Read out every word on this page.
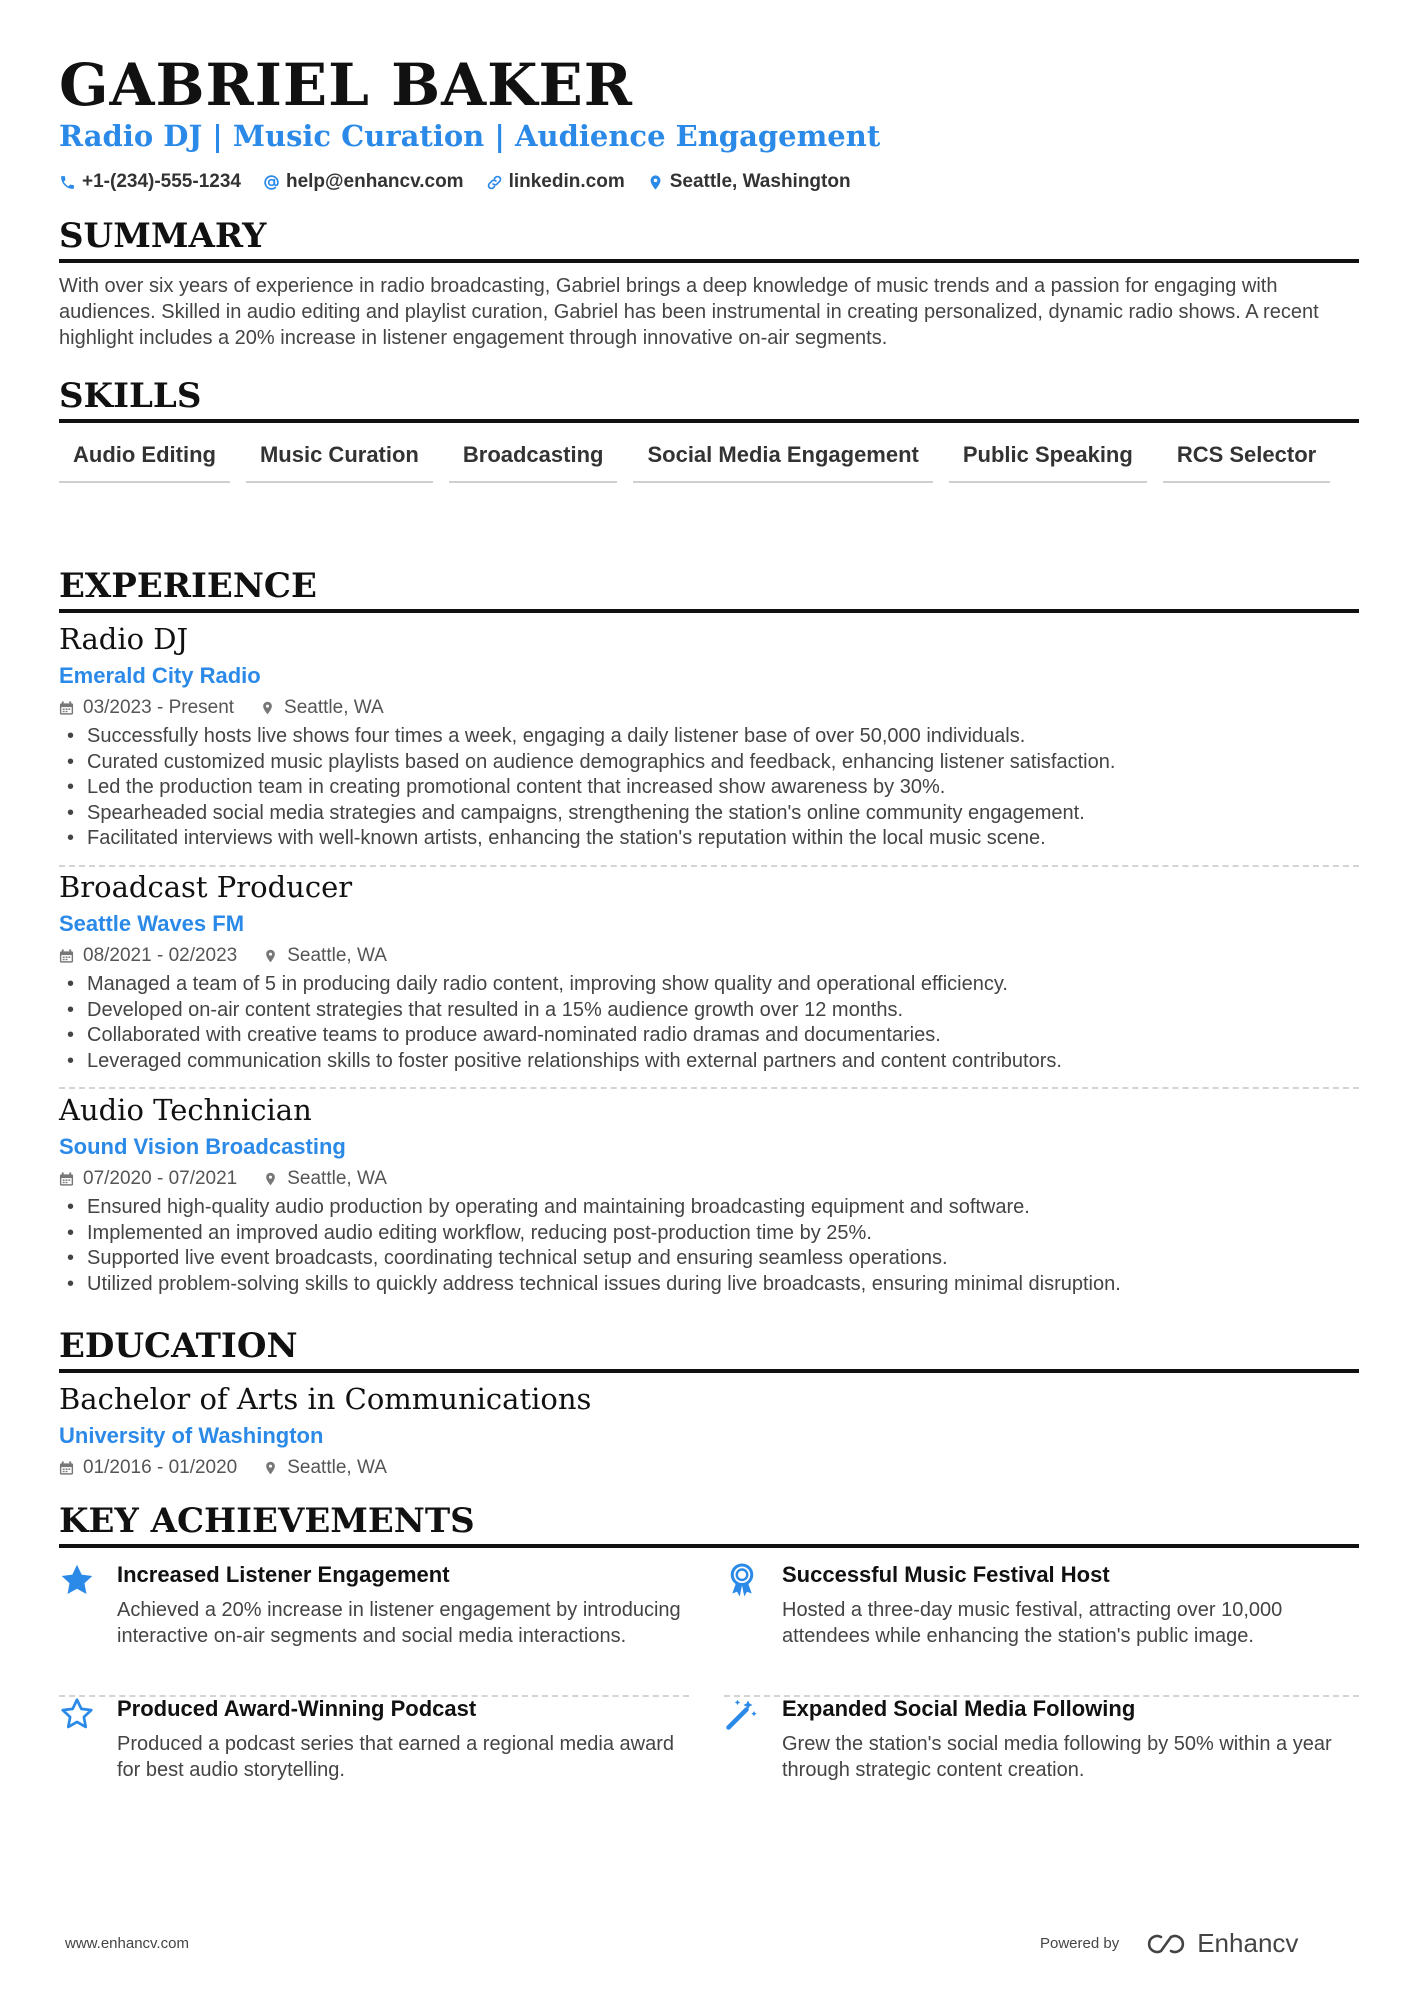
GABRIEL BAKER
Radio DJ | Music Curation | Audience Engagement
+1-(234)-555-1234 help@enhancv.com linkedin.com Seattle, Washington
SUMMARY
With over six years of experience in radio broadcasting, Gabriel brings a deep knowledge of music trends and a passion for engaging with audiences. Skilled in audio editing and playlist curation, Gabriel has been instrumental in creating personalized, dynamic radio shows. A recent highlight includes a 20% increase in listener engagement through innovative on-air segments.
SKILLS
Audio Editing	Music Curation	Broadcasting	Social Media Engagement	Public Speaking	RCS Selector
EXPERIENCE
Radio DJ
Emerald City Radio
03/2023 - Present	Seattle, WA
• Successfully hosts live shows four times a week, engaging a daily listener base of over 50,000 individuals.
• Curated customized music playlists based on audience demographics and feedback, enhancing listener satisfaction.
• Led the production team in creating promotional content that increased show awareness by 30%.
• Spearheaded social media strategies and campaigns, strengthening the station's online community engagement.
• Facilitated interviews with well-known artists, enhancing the station's reputation within the local music scene.
Broadcast Producer
Seattle Waves FM
08/2021 - 02/2023	Seattle, WA
• Managed a team of 5 in producing daily radio content, improving show quality and operational efficiency.
• Developed on-air content strategies that resulted in a 15% audience growth over 12 months.
• Collaborated with creative teams to produce award-nominated radio dramas and documentaries.
• Leveraged communication skills to foster positive relationships with external partners and content contributors.
Audio Technician
Sound Vision Broadcasting
07/2020 - 07/2021	Seattle, WA
• Ensured high-quality audio production by operating and maintaining broadcasting equipment and software.
• Implemented an improved audio editing workflow, reducing post-production time by 25%.
• Supported live event broadcasts, coordinating technical setup and ensuring seamless operations.
• Utilized problem-solving skills to quickly address technical issues during live broadcasts, ensuring minimal disruption.
EDUCATION
Bachelor of Arts in Communications
University of Washington
01/2016 - 01/2020	Seattle, WA
KEY ACHIEVEMENTS
Increased Listener Engagement
Achieved a 20% increase in listener engagement by introducing interactive on-air segments and social media interactions.
Successful Music Festival Host
Hosted a three-day music festival, attracting over 10,000 attendees while enhancing the station's public image.
Produced Award-Winning Podcast
Produced a podcast series that earned a regional media award for best audio storytelling.
Expanded Social Media Following
Grew the station's social media following by 50% within a year through strategic content creation.
www.enhancv.com	Powered by	Enhancv
